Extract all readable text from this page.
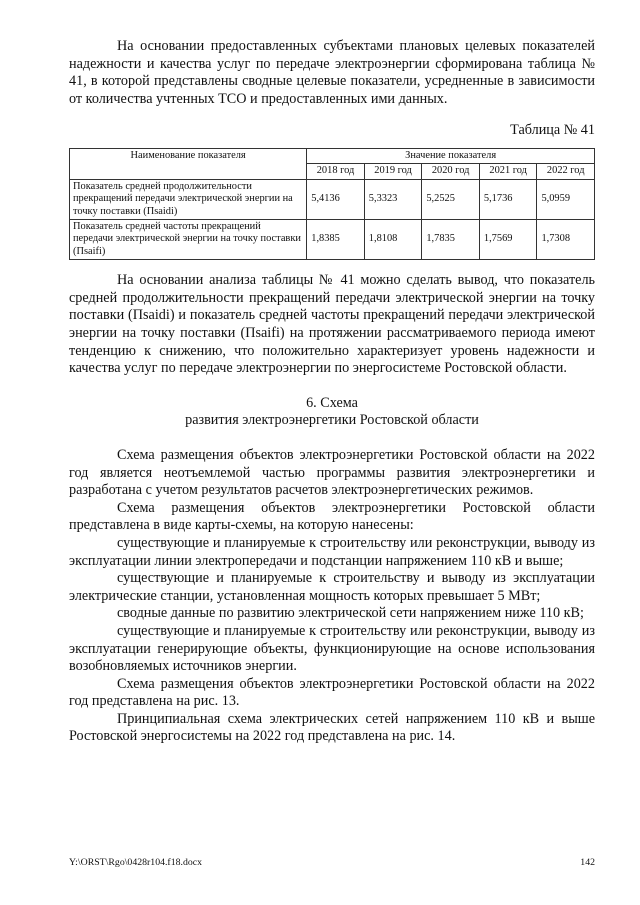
На основании предоставленных субъектами плановых целевых показателей надежности и качества услуг по передаче электроэнергии сформирована таблица № 41, в которой представлены сводные целевые показатели, усредненные в зависимости от количества учтенных ТСО и предоставленных ими данных.

Таблица № 41
Наименование показателя	Значение показателя				
	2018 год	2019 год	2020 год	2021 год	2022 год
Показатель средней продолжительности прекращений передачи электрической энергии на точку поставки (Пsaidi)	5,4136	5,3323	5,2525	5,1736	5,0959
Показатель средней частоты прекращений передачи электрической энергии на точку поставки (Пsaifi)	1,8385	1,8108	1,7835	1,7569	1,7308

На основании анализа таблицы № 41 можно сделать вывод, что показатель средней продолжительности прекращений передачи электрической энергии на точку поставки (Пsaidi) и показатель средней частоты прекращений передачи электрической энергии на точку поставки (Пsaifi) на протяжении рассматриваемого периода имеют тенденцию к снижению, что положительно характеризует уровень надежности и качества услуг по передаче электроэнергии по энергосистеме Ростовской области.

6. Схема
развития электроэнергетики Ростовской области

Схема размещения объектов электроэнергетики Ростовской области на 2022 год является неотъемлемой частью программы развития электроэнергетики и разработана с учетом результатов расчетов электроэнергетических режимов.

Схема размещения объектов электроэнергетики Ростовской области представлена в виде карты-схемы, на которую нанесены:

существующие и планируемые к строительству или реконструкции, выводу из эксплуатации линии электропередачи и подстанции напряжением 110 кВ и выше;

существующие и планируемые к строительству и выводу из эксплуатации электрические станции, установленная мощность которых превышает 5 МВт;

сводные данные по развитию электрической сети напряжением ниже 110 кВ;

существующие и планируемые к строительству или реконструкции, выводу из эксплуатации генерирующие объекты, функционирующие на основе использования возобновляемых источников энергии.

Схема размещения объектов электроэнергетики Ростовской области на 2022 год представлена на рис. 13.

Принципиальная схема электрических сетей напряжением 110 кВ и выше Ростовской энергосистемы на 2022 год представлена на рис. 14.

Y:\ORST\Rgo\0428r104.f18.docx	142
